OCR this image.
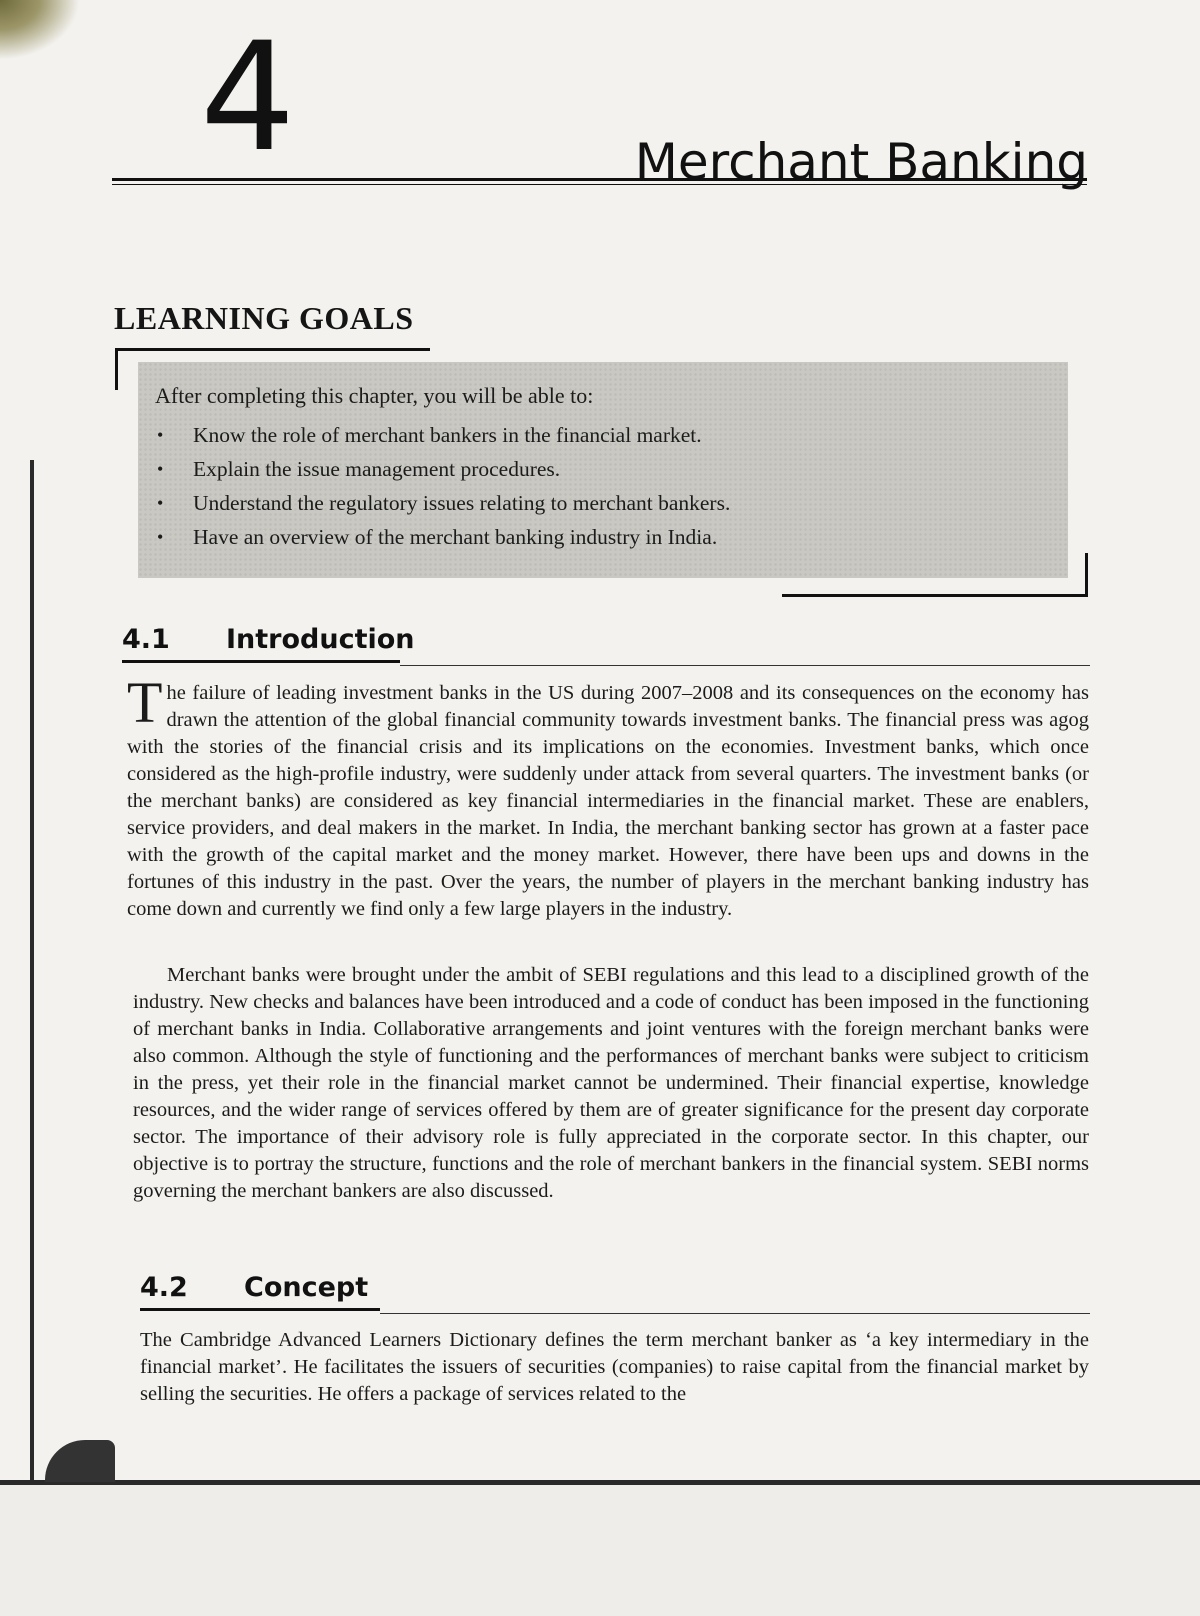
4	Merchant Banking
LEARNING GOALS
After completing this chapter, you will be able to:
• Know the role of merchant bankers in the financial market.
• Explain the issue management procedures.
• Understand the regulatory issues relating to merchant bankers.
• Have an overview of the merchant banking industry in India.
4.1 Introduction

The failure of leading investment banks in the US during 2007–2008 and its consequences on the economy has drawn the attention of the global financial community towards investment banks. The financial press was agog with the stories of the financial crisis and its implications on the economies. Investment banks, which once considered as the high-profile industry, were suddenly under attack from several quarters. The investment banks (or the merchant banks) are considered as key financial intermediaries in the financial market. These are enablers, service providers, and deal makers in the market. In India, the merchant banking sector has grown at a faster pace with the growth of the capital market and the money market. However, there have been ups and downs in the fortunes of this industry in the past. Over the years, the number of players in the merchant banking industry has come down and currently we find only a few large players in the industry.

Merchant banks were brought under the ambit of SEBI regulations and this lead to a disciplined growth of the industry. New checks and balances have been introduced and a code of conduct has been imposed in the functioning of merchant banks in India. Collaborative arrangements and joint ventures with the foreign merchant banks were also common. Although the style of functioning and the performances of merchant banks were subject to criticism in the press, yet their role in the financial market cannot be undermined. Their financial expertise, knowledge resources, and the wider range of services offered by them are of greater significance for the present day corporate sector. The importance of their advisory role is fully appreciated in the corporate sector. In this chapter, our objective is to portray the structure, functions and the role of merchant bankers in the financial system. SEBI norms governing the merchant bankers are also discussed.

4.2 Concept

The Cambridge Advanced Learners Dictionary defines the term merchant banker as ‘a key intermediary in the financial market’. He facilitates the issuers of securities (companies) to raise capital from the financial market by selling the securities. He offers a package of services related to the
